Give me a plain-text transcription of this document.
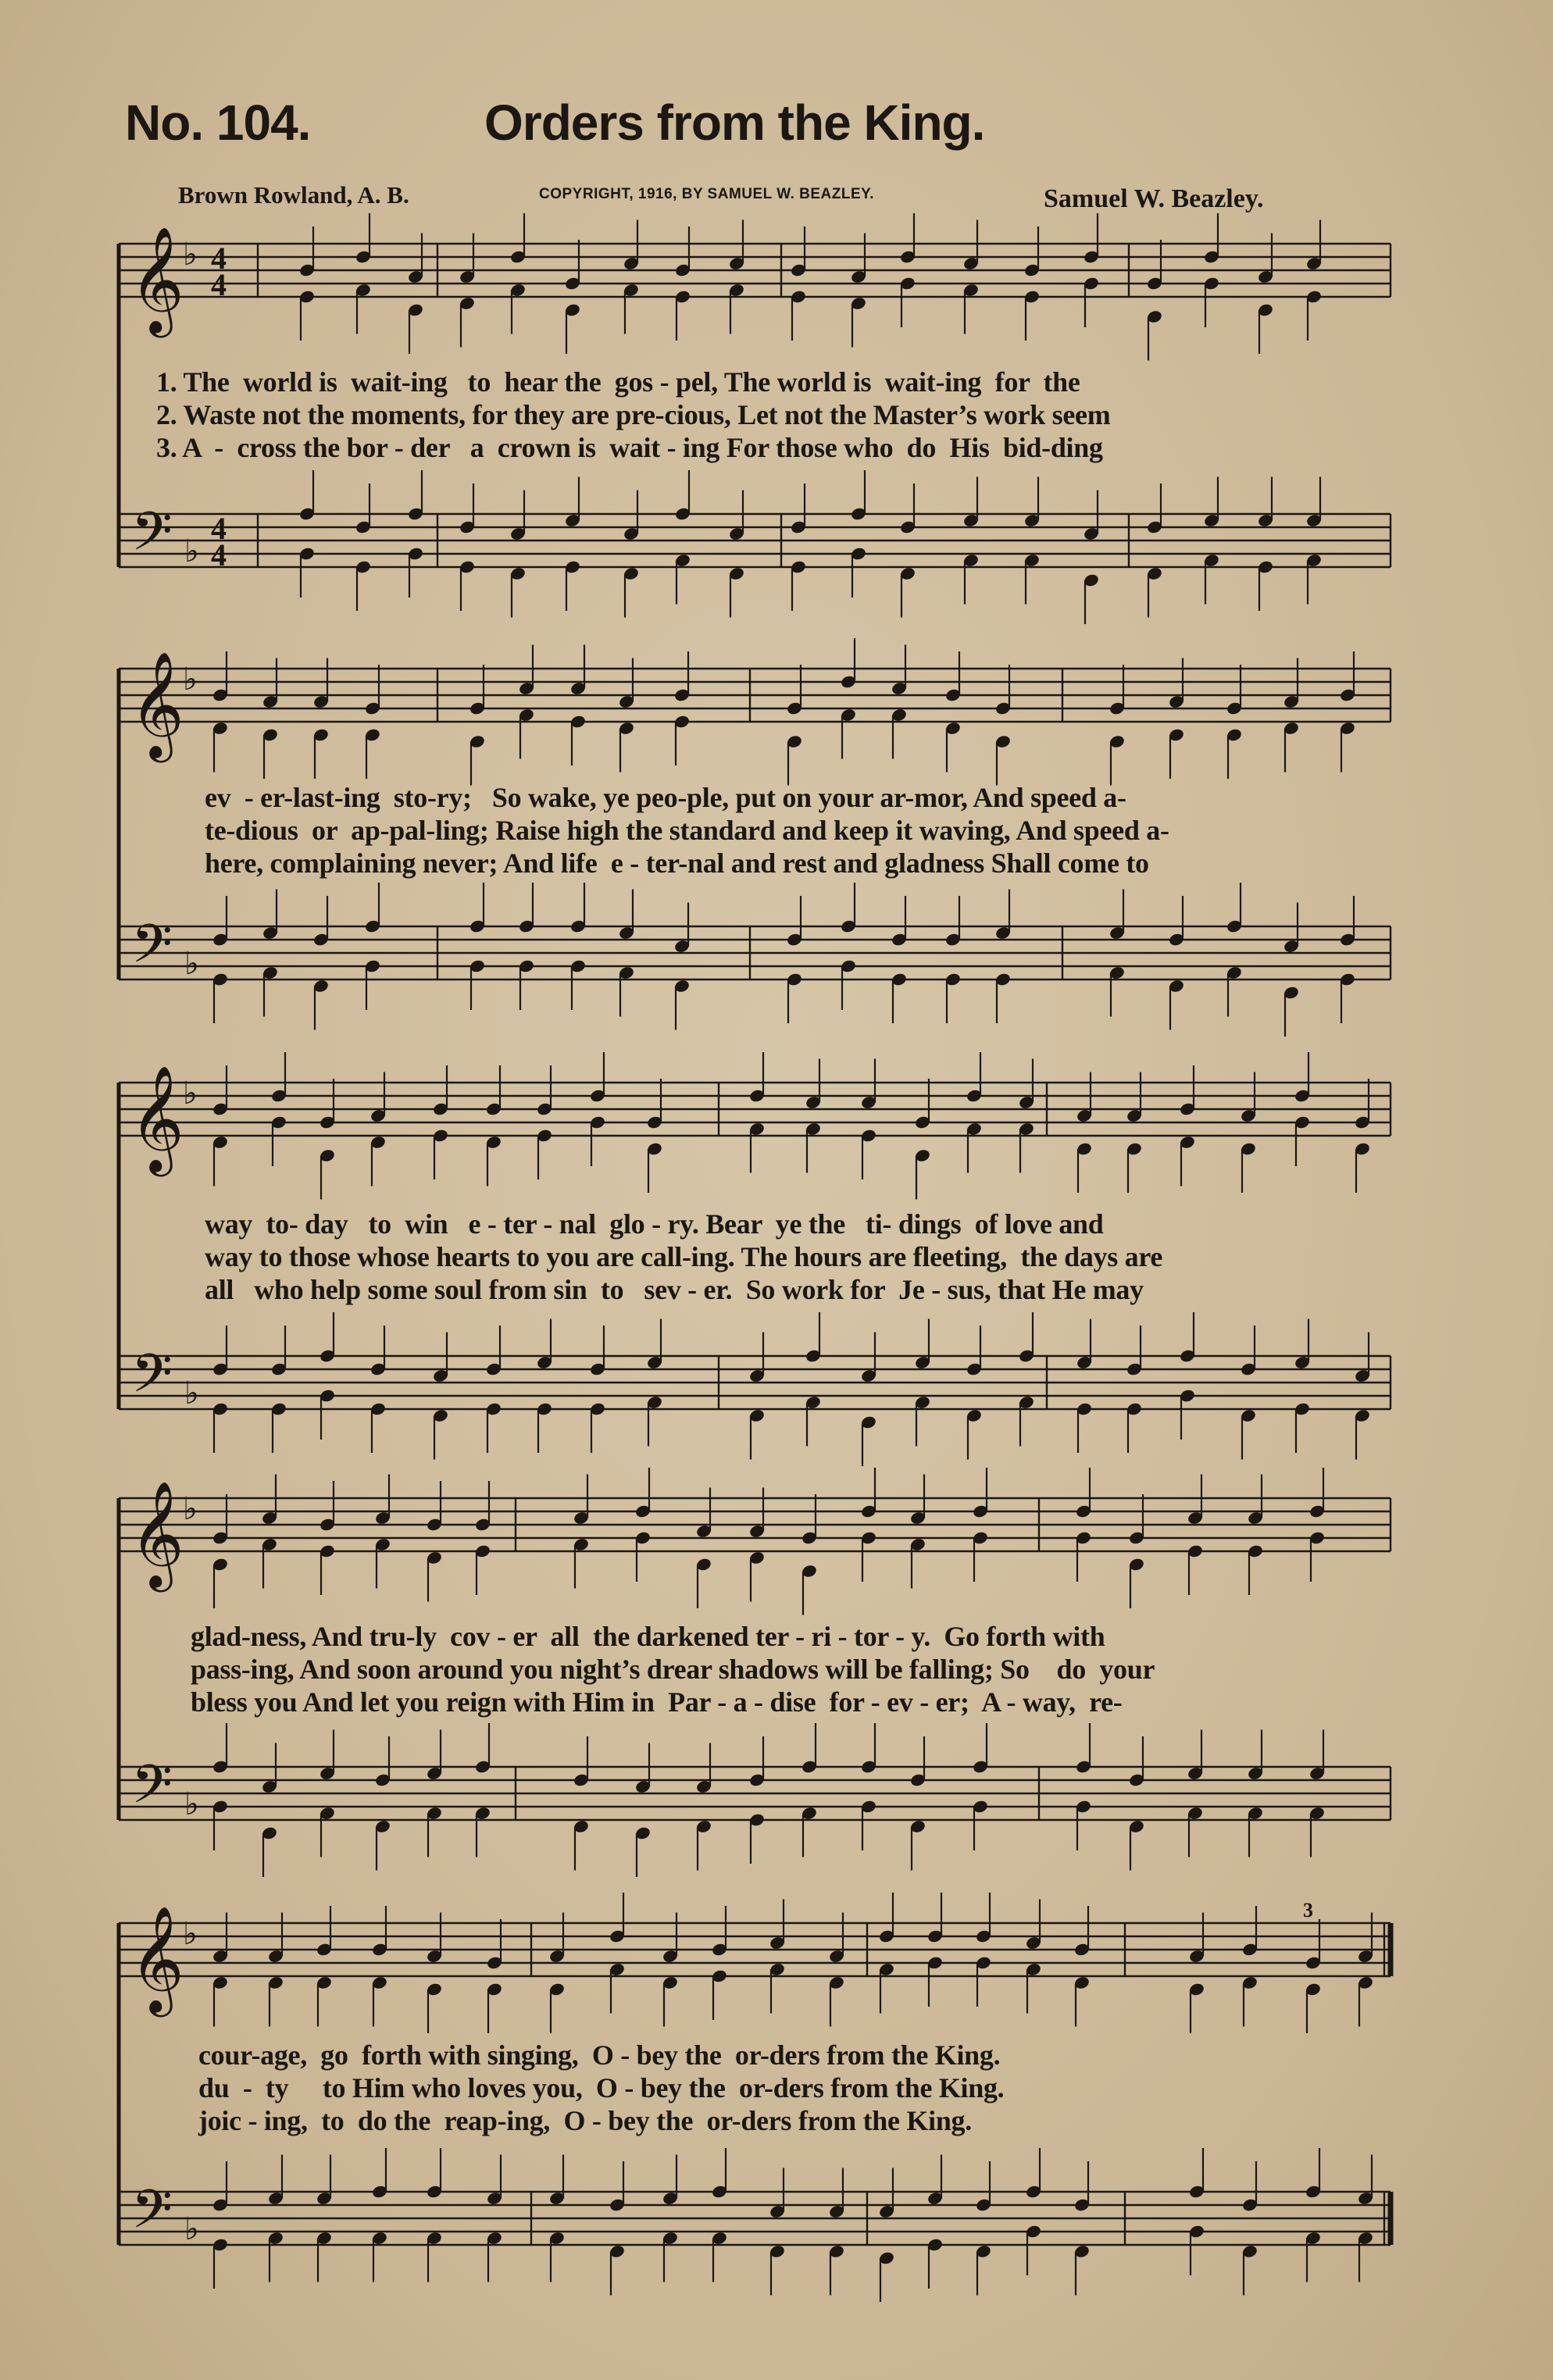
No. 104.	Orders from the King.
Brown Rowland, A. B.	COPYRIGHT, 1916, BY SAMUEL W. BEAZLEY.	Samuel W. Beazley.
𝄞
𝄢
♭
♭
4
4
4
4
𝄞
𝄢
♭
♭
𝄞
𝄢
♭
♭
𝄞
𝄢
♭
♭
𝄞
𝄢
♭
♭
3
1. The  world is  wait-ing   to  hear the  gos - pel, The world is  wait-ing  for  the
2. Waste not the moments, for they are pre-cious, Let not the Master’s work seem
3. A  -  cross the bor - der   a  crown is  wait - ing For those who  do  His  bid-ding
ev  - er-last-ing  sto-ry;   So wake, ye peo-ple, put on your ar-mor, And speed a-
te-dious  or  ap-pal-ling; Raise high the standard and keep it waving, And speed a-
here, complaining never; And life  e - ter-nal and rest and gladness Shall come to
way  to- day   to  win   e - ter - nal  glo - ry. Bear  ye the   ti- dings  of love and
way to those whose hearts to you are call-ing. The hours are fleeting,  the days are
all   who help some soul from sin  to   sev - er.  So work for  Je - sus, that He may
glad-ness, And tru-ly  cov - er  all  the darkened ter - ri - tor - y.  Go forth with
pass-ing, And soon around you night’s drear shadows will be falling; So    do  your
bless you And let you reign with Him in  Par - a - dise  for - ev - er;  A - way,  re-
cour-age,  go  forth with singing,  O - bey the  or-ders from the King.
du  -  ty     to Him who loves you,  O - bey the  or-ders from the King.
joic - ing,  to  do the  reap-ing,  O - bey the  or-ders from the King.
